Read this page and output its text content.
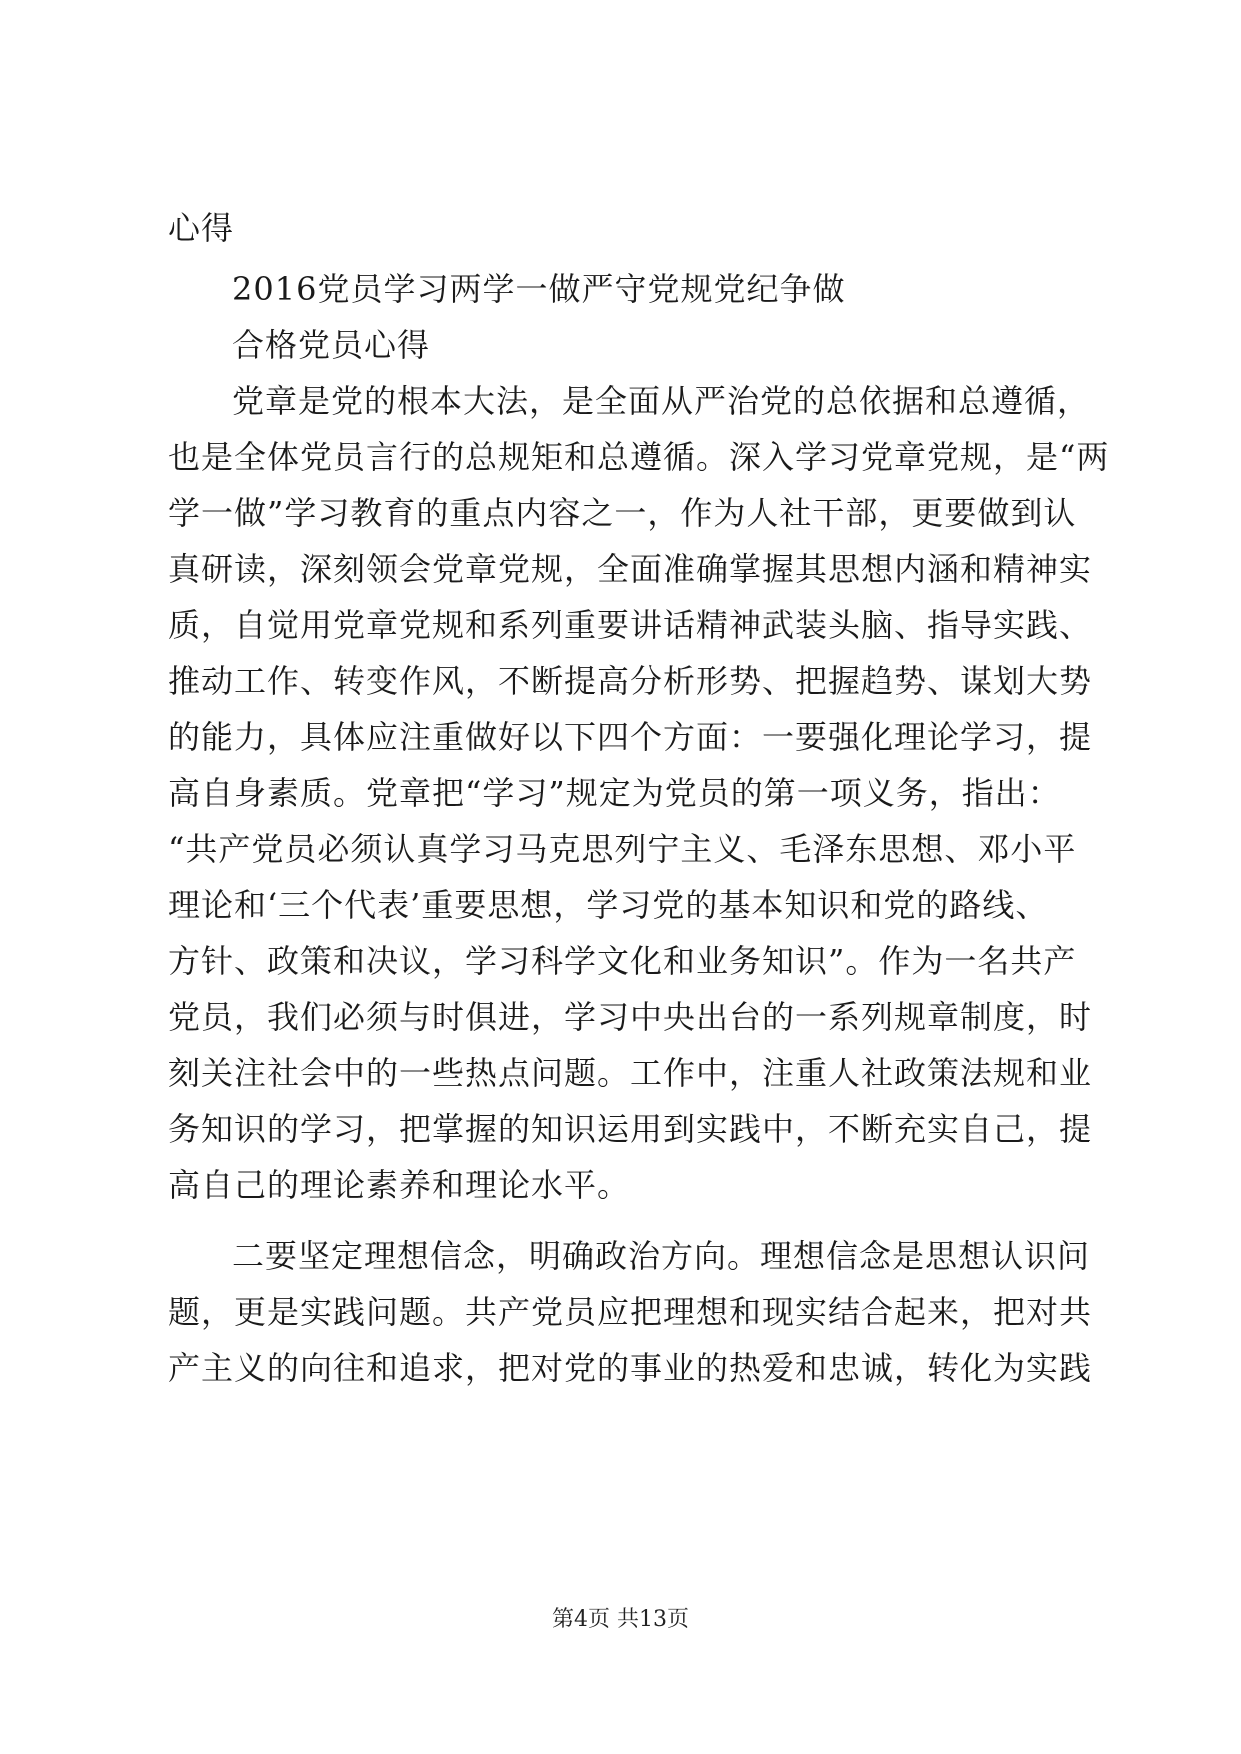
心得
2016党员学习两学一做严守党规党纪争做
合格党员心得
党章是党的根本大法，是全面从严治党的总依据和总遵循，
也是全体党员言行的总规矩和总遵循。深入学习党章党规，是“两
学一做”学习教育的重点内容之一，作为人社干部，更要做到认
真研读，深刻领会党章党规，全面准确掌握其思想内涵和精神实
质，自觉用党章党规和系列重要讲话精神武装头脑、指导实践、
推动工作、转变作风，不断提高分析形势、把握趋势、谋划大势
的能力，具体应注重做好以下四个方面：一要强化理论学习，提
高自身素质。党章把“学习”规定为党员的第一项义务，指出：
“共产党员必须认真学习马克思列宁主义、毛泽东思想、邓小平
理论和‘三个代表’重要思想，学习党的基本知识和党的路线、
方针、政策和决议，学习科学文化和业务知识”。作为一名共产
党员，我们必须与时俱进，学习中央出台的一系列规章制度，时
刻关注社会中的一些热点问题。工作中，注重人社政策法规和业
务知识的学习，把掌握的知识运用到实践中，不断充实自己，提
高自己的理论素养和理论水平。
二要坚定理想信念，明确政治方向。理想信念是思想认识问
题，更是实践问题。共产党员应把理想和现实结合起来，把对共
产主义的向往和追求，把对党的事业的热爱和忠诚，转化为实践
第4页 共13页
